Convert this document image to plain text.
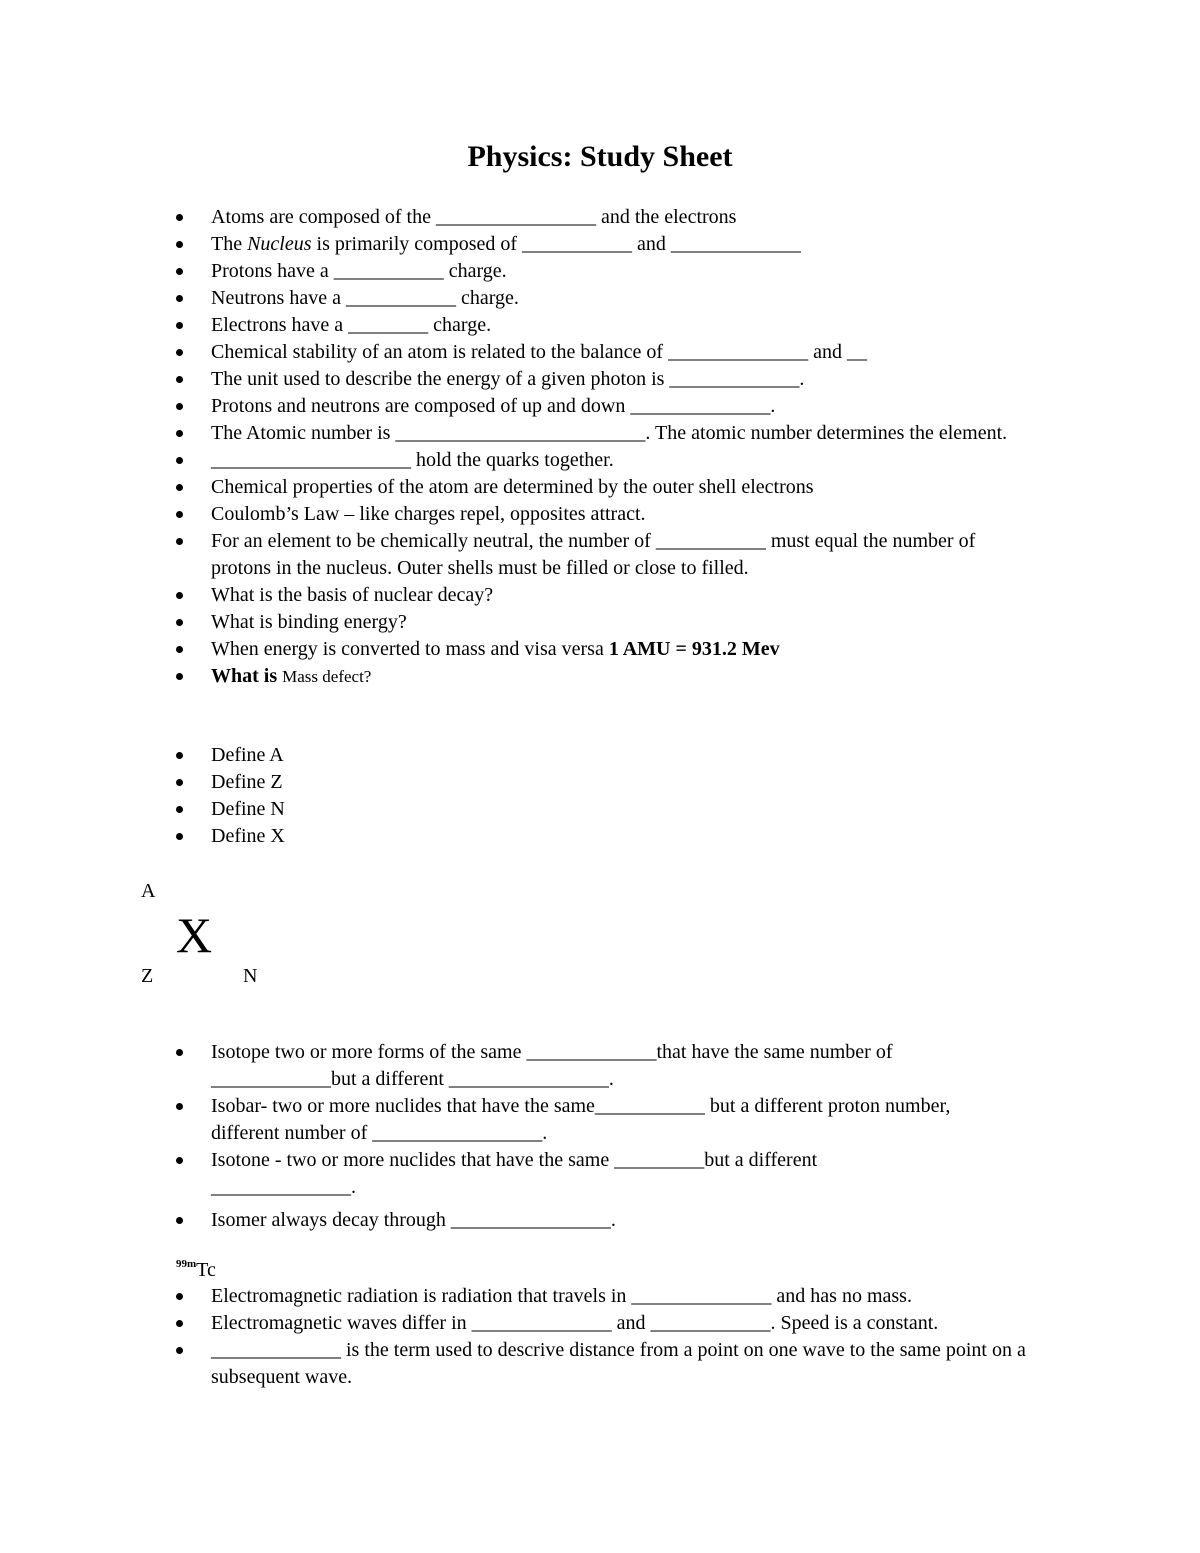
Physics: Study Sheet
Atoms are composed of the ________________ and the electrons
The Nucleus is primarily composed of ___________ and _____________
Protons have a ___________ charge.
Neutrons have a ___________ charge.
Electrons have a ________ charge.
Chemical stability of an atom is related to the balance of ______________ and __
The unit used to describe the energy of a given photon is _____________.
Protons and neutrons are composed of up and down ______________.
The Atomic number is _________________________. The atomic number determines the element.
____________________ hold the quarks together.
Chemical properties of the atom are determined by the outer shell electrons
Coulomb’s Law – like charges repel, opposites attract.
For an element to be chemically neutral, the number of ___________ must equal the number of protons in the nucleus. Outer shells must be filled or close to filled.
What is the basis of nuclear decay?
What is binding energy?
When energy is converted to mass and visa versa 1 AMU = 931.2 Mev
What is Mass defect?
Define A
Define Z
Define N
Define X
A
X
Z	N
Isotope two or more forms of the same _____________that have the same number of ____________but a different ________________.
Isobar- two or more nuclides that have the same___________ but a different proton number, different number of _________________.
Isotone - two or more nuclides that have the same _________but a different ______________.
Isomer always decay through ________________.
$^{99m}$Tc
Electromagnetic radiation is radiation that travels in ______________ and has no mass.
Electromagnetic waves differ in ______________ and ____________. Speed is a constant.
_____________ is the term used to descrive distance from a point on one wave to the same point on a subsequent wave.
